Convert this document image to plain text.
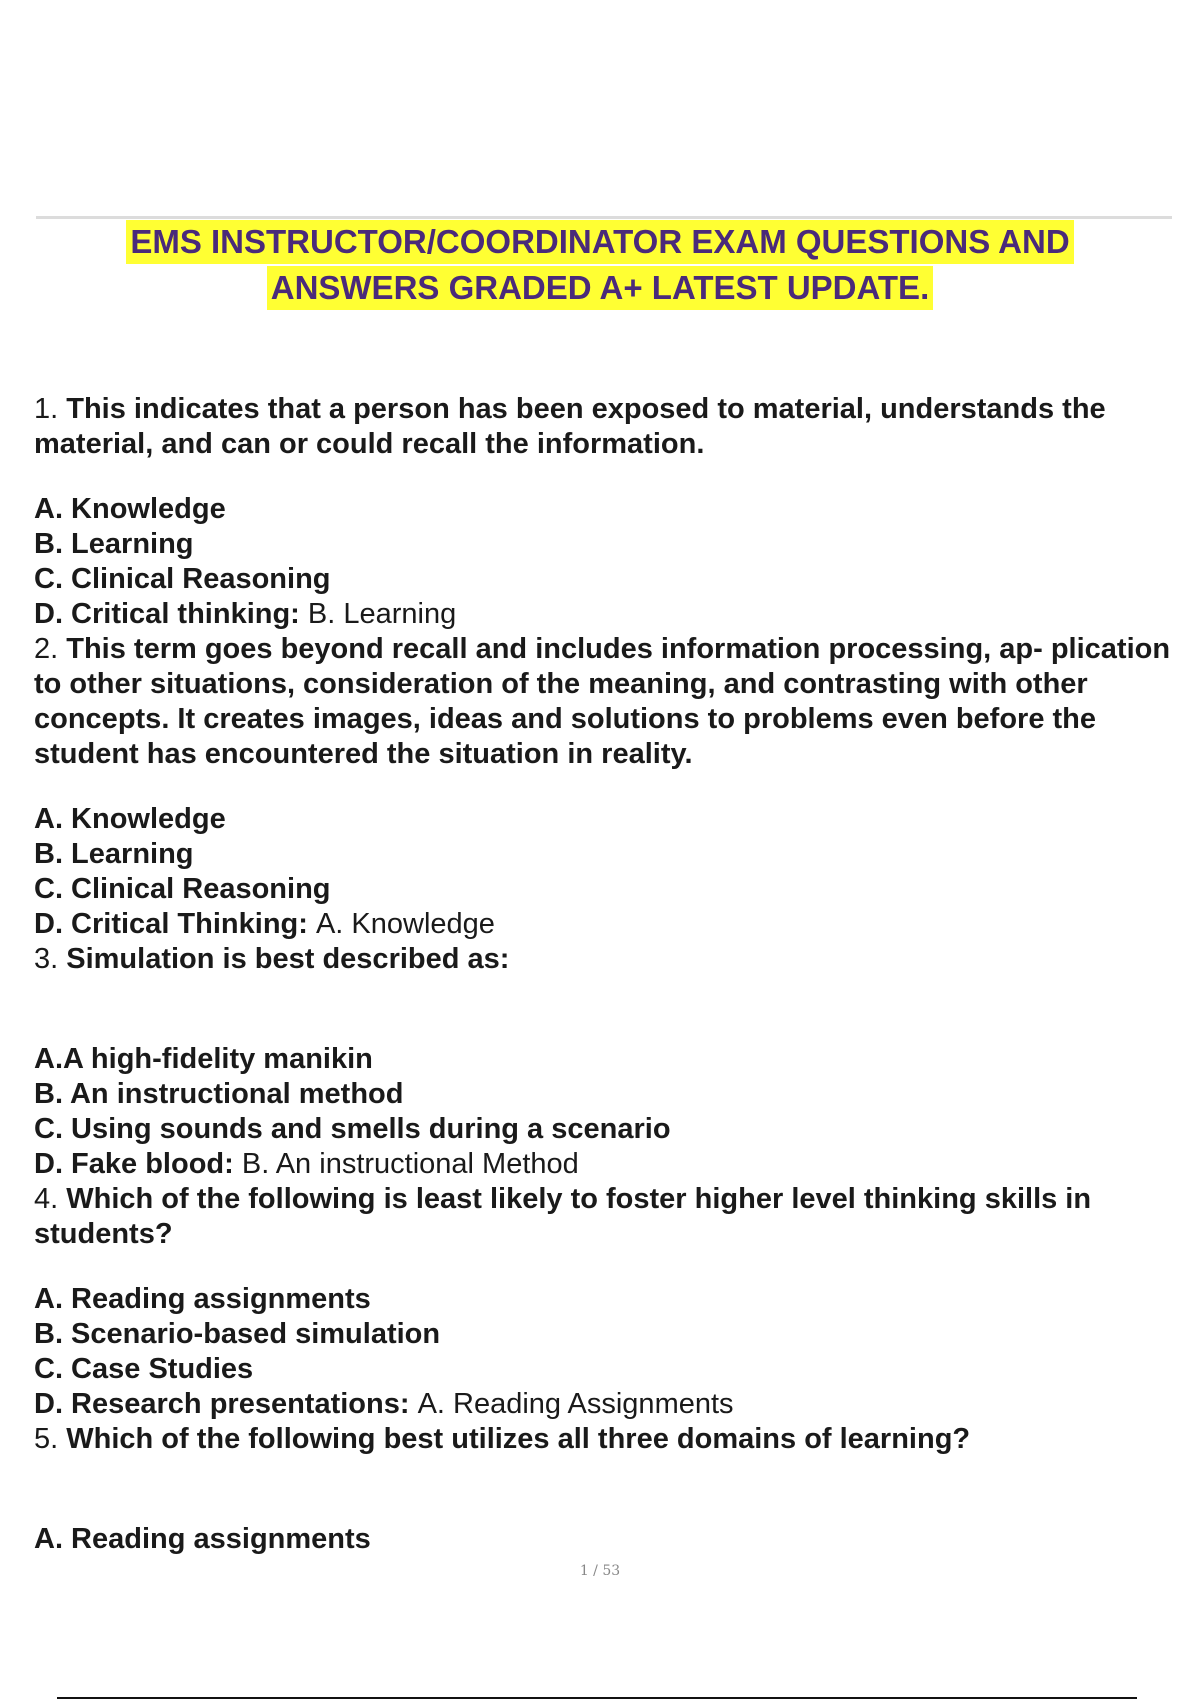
EMS INSTRUCTOR/COORDINATOR EXAM QUESTIONS AND
ANSWERS GRADED A+ LATEST UPDATE.

1. This indicates that a person has been exposed to material, understands the material, and can or could recall the information.

A. Knowledge

B. Learning

C. Clinical Reasoning

D. Critical thinking: B. Learning

2. This term goes beyond recall and includes information processing, ap- plication to other situations, consideration of the meaning, and contrasting with other concepts. It creates images, ideas and solutions to problems even before the student has encountered the situation in reality.

A. Knowledge

B. Learning

C. Clinical Reasoning

D. Critical Thinking: A. Knowledge

3. Simulation is best described as:

A.A high-fidelity manikin

B. An instructional method

C. Using sounds and smells during a scenario

D. Fake blood: B. An instructional Method

4. Which of the following is least likely to foster higher level thinking skills in students?

A. Reading assignments

B. Scenario-based simulation

C. Case Studies

D. Research presentations: A. Reading Assignments

5. Which of the following best utilizes all three domains of learning?

A. Reading assignments

1 / 53
